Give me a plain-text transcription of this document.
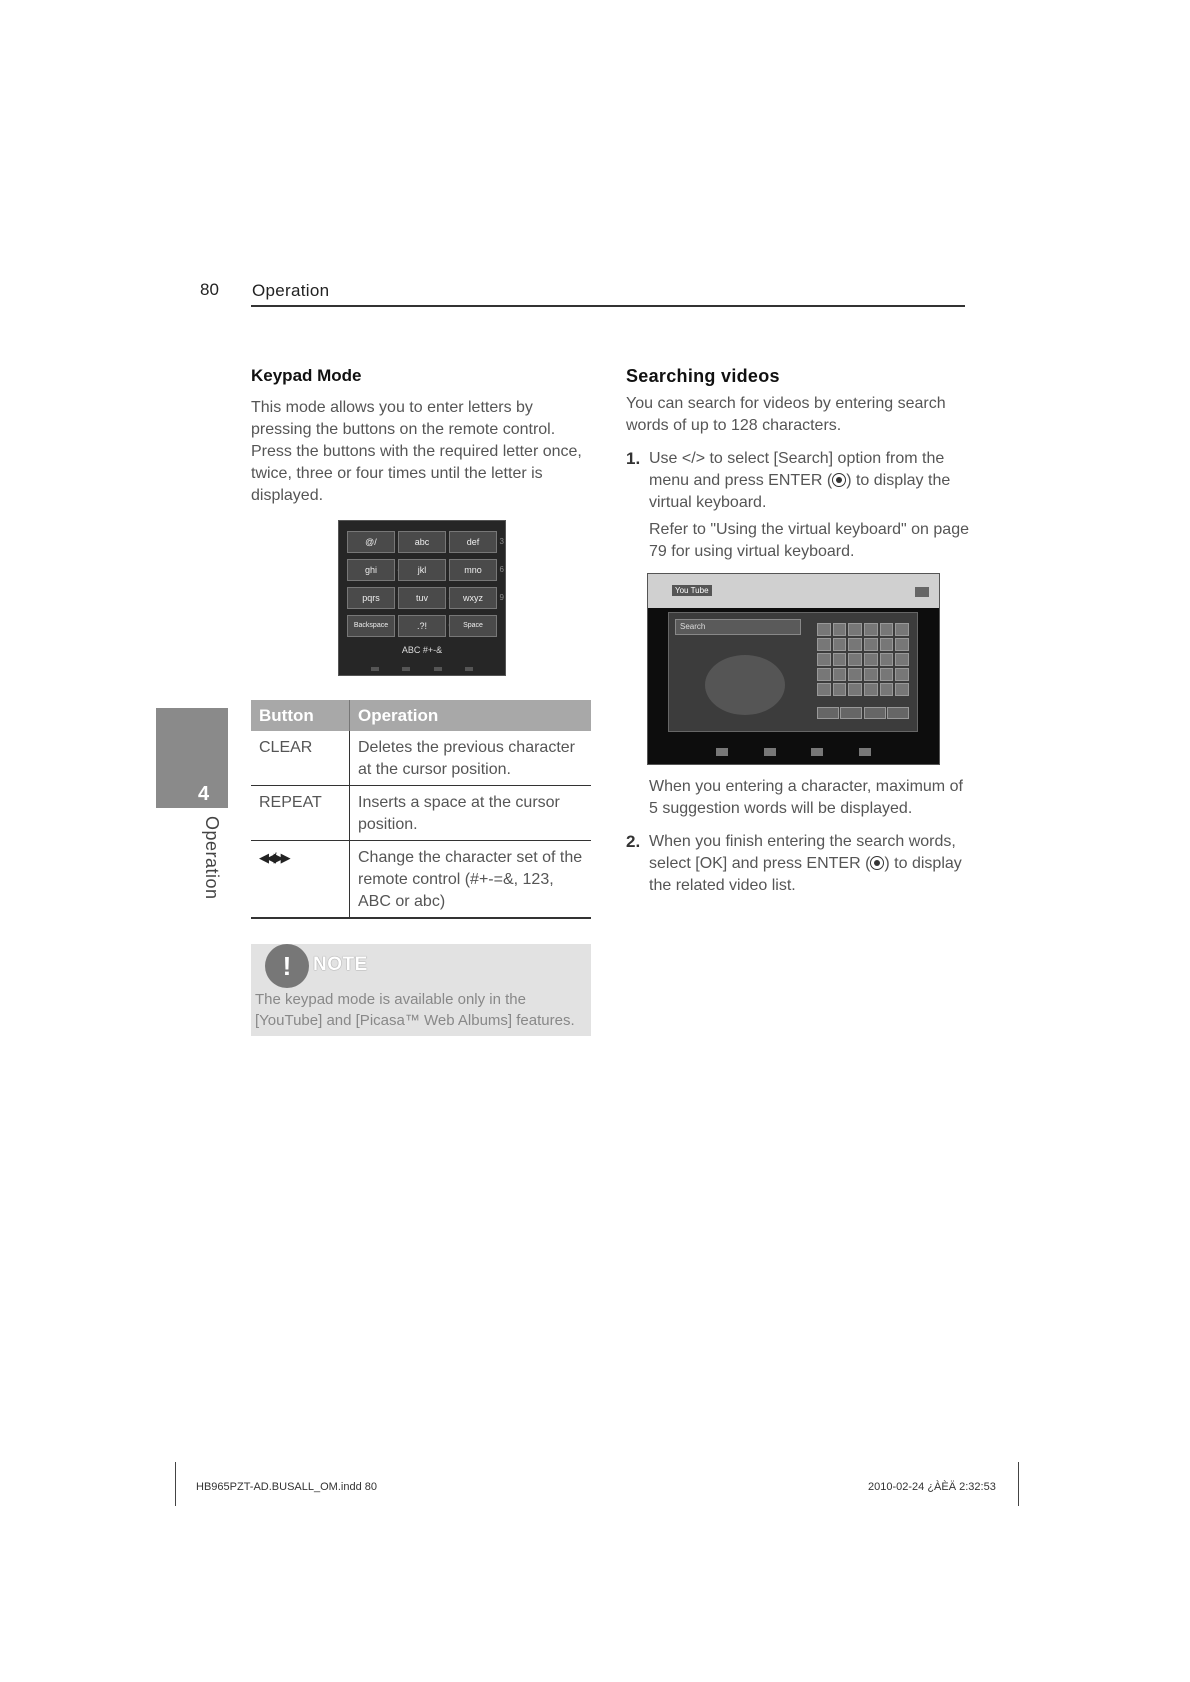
80 Operation
Keypad Mode
This mode allows you to enter letters by pressing the buttons on the remote control. Press the buttons with the required letter once, twice, three or four times until the letter is displayed.
@/	abc	def	3
ghi	jkl	mno 6
pqrs	tuv	wxyz 9
Backspace	.?!	Space
ABC #+-&
Button	Operation
CLEAR	Deletes the previous character at the cursor position.
REPEAT	Inserts a space at the cursor position.
◀◀/▶▶	Change the character set of the remote control (#+-=&, 123, ABC or abc)
!	NOTE
The keypad mode is available only in the [YouTube] and [Picasa™ Web Albums] features.
4
Operation
Searching videos
You can search for videos by entering search words of up to 128 characters.
1. Use </> to select [Search] option from the menu and press ENTER ( ) to display the virtual keyboard.
Refer to "Using the virtual keyboard" on page 79 for using virtual keyboard.
You Tube
Search
When you entering a character, maximum of 5 suggestion words will be displayed.
2. When you finish entering the search words, select [OK] and press ENTER ( ) to display the related video list.
HB965PZT-AD.BUSALL_OM.indd 80	2010-02-24 ¿ÀÈÄ 2:32:53
